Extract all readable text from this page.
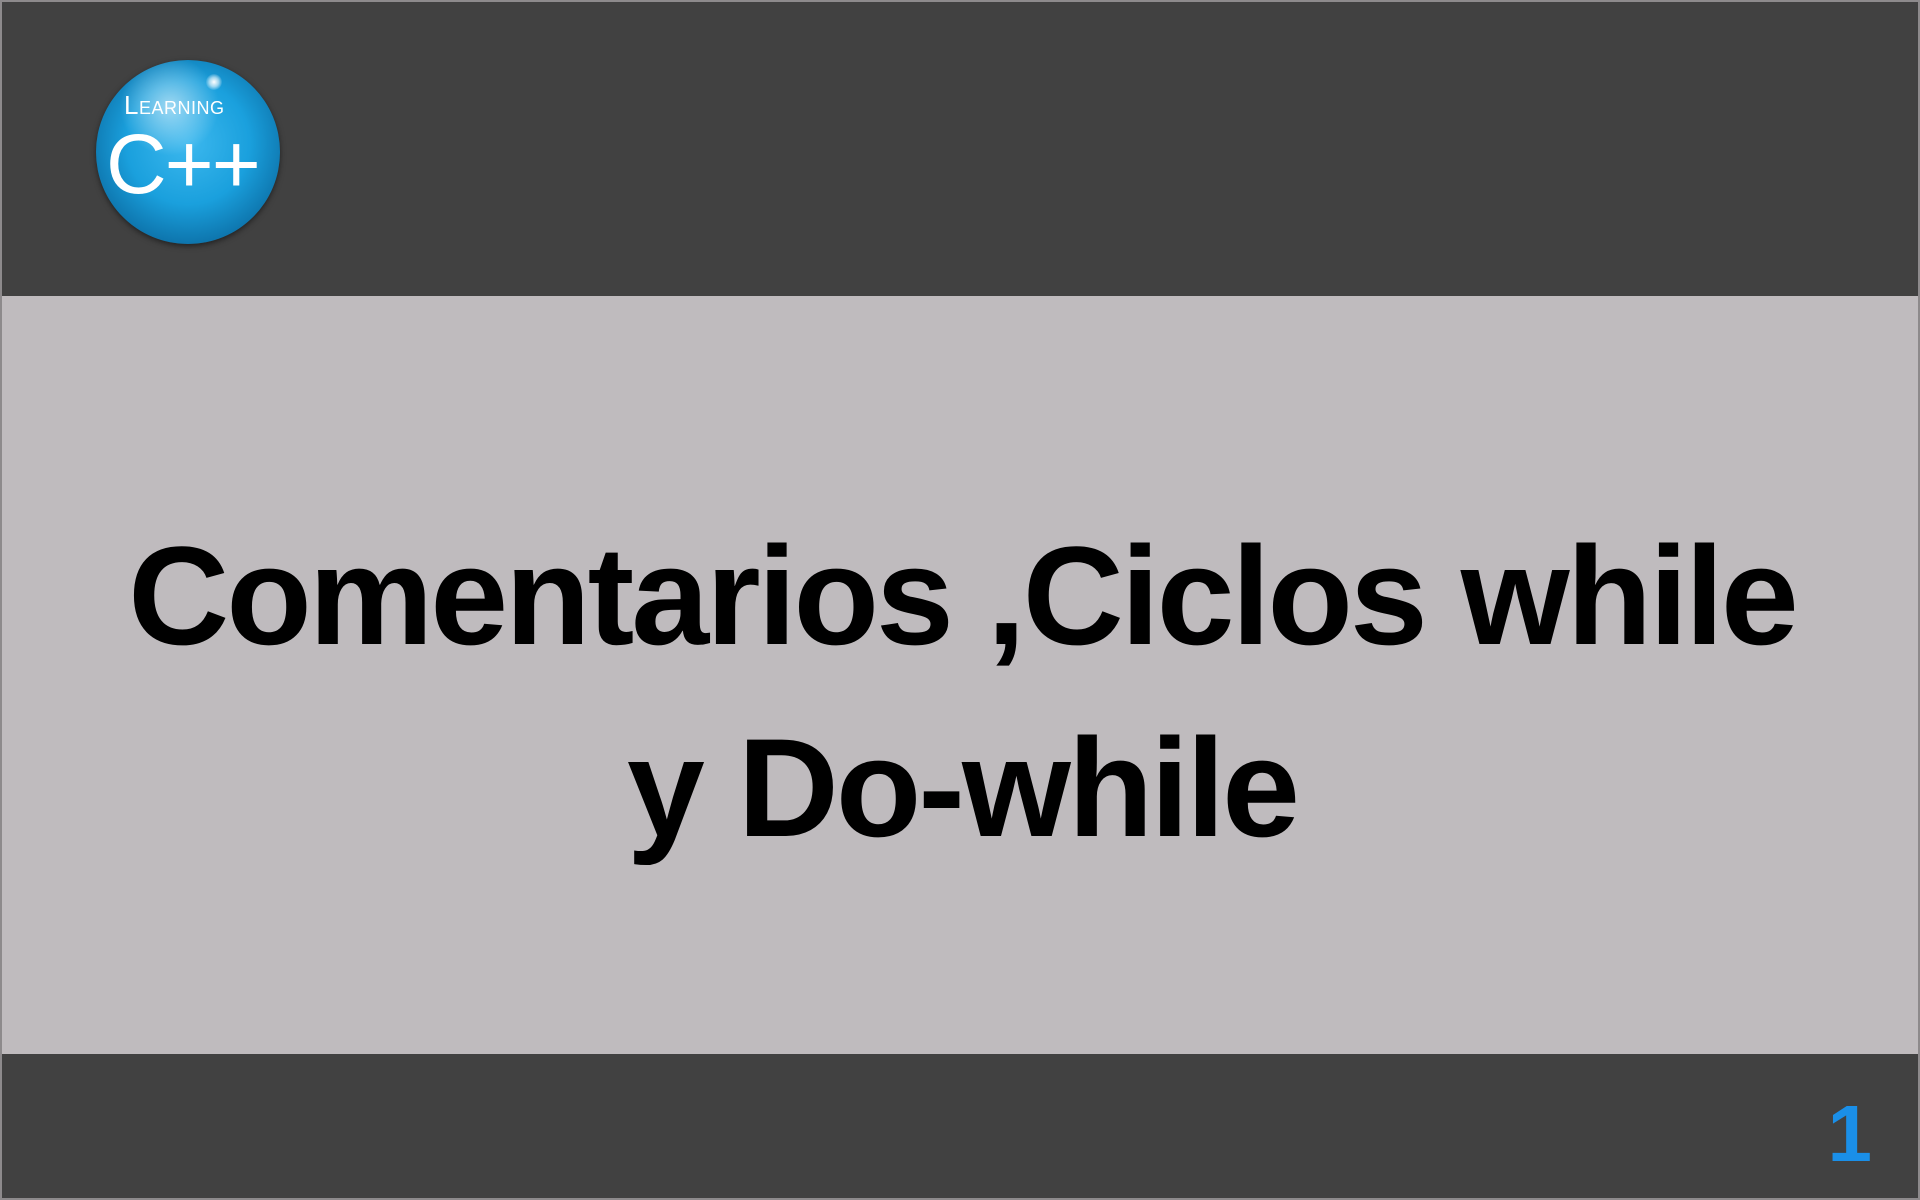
Learning
C++
Comentarios ,Ciclos while
y Do-while
1
